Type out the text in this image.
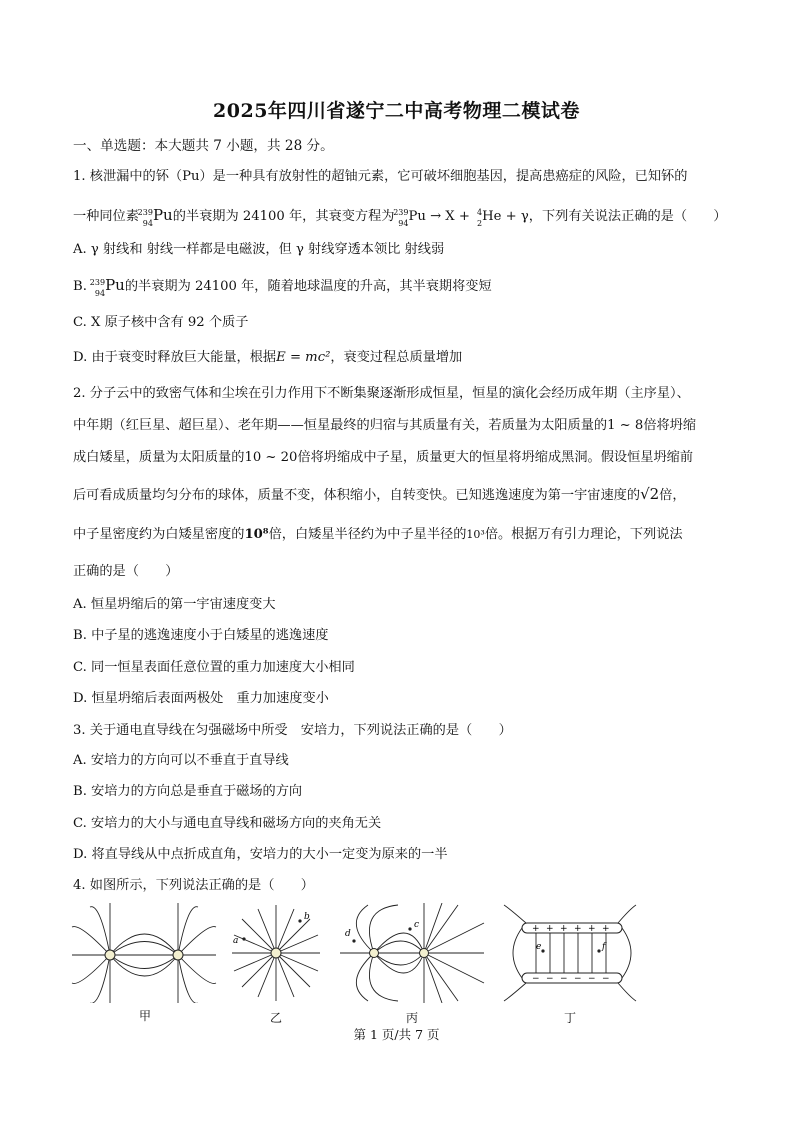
2025年四川省遂宁二中高考物理二模试卷
一、单选题：本大题共 7 小题，共 28 分。
1. 核泄漏中的钚（Pu）是一种具有放射性的超铀元素，它可破坏细胞基因，提高患癌症的风险，已知钚的
一种同位素
239
94 Pu的半衰期为 24100 年，其衰变方程为
239
94 Pu → X + 4
2 He + γ，下列有关说法正确的是（　　）
A. γ 射线和 射线一样都是电磁波，但 γ 射线穿透本领比 射线弱
B.
239
94 Pu的半衰期为 24100 年，随着地球温度的升高，其半衰期将变短
C. X 原子核中含有 92 个质子
D. 由于衰变时释放巨大能量，根据E = mc²，衰变过程总质量增加
2. 分子云中的致密气体和尘埃在引力作用下不断集聚逐渐形成恒星，恒星的演化会经历成年期（主序星）、
中年期（红巨星、超巨星）、老年期——恒星最终的归宿与其质量有关，若质量为太阳质量的1 ~ 8倍将坍缩
成白矮星，质量为太阳质量的10 ~ 20倍将坍缩成中子星，质量更大的恒星将坍缩成黑洞。假设恒星坍缩前
后可看成质量均匀分布的球体，质量不变，体积缩小，自转变快。已知逃逸速度为第一宇宙速度的√2倍，
中子星密度约为白矮星密度的10⁸倍，白矮星半径约为中子星半径的10³倍。根据万有引力理论，下列说法
正确的是（　　）
A. 恒星坍缩后的第一宇宙速度变大
B. 中子星的逃逸速度小于白矮星的逃逸速度
C. 同一恒星表面任意位置的重力加速度大小相同
D. 恒星坍缩后表面两极处　重力加速度变小
3. 关于通电直导线在匀强磁场中所受　安培力，下列说法正确的是（　　）
A. 安培力的方向可以不垂直于直导线
B. 安培力的方向总是垂直于磁场的方向
C. 安培力的大小与通电直导线和磁场方向的夹角无关
D. 将直导线从中点折成直角，安培力的大小一定变为原来的一半
4. 如图所示，下列说法正确的是（　　）
a
b
d
c	+ + + + + +
− − − − − −
e	f
甲	乙	丙	丁
第 1 页/共 7 页
